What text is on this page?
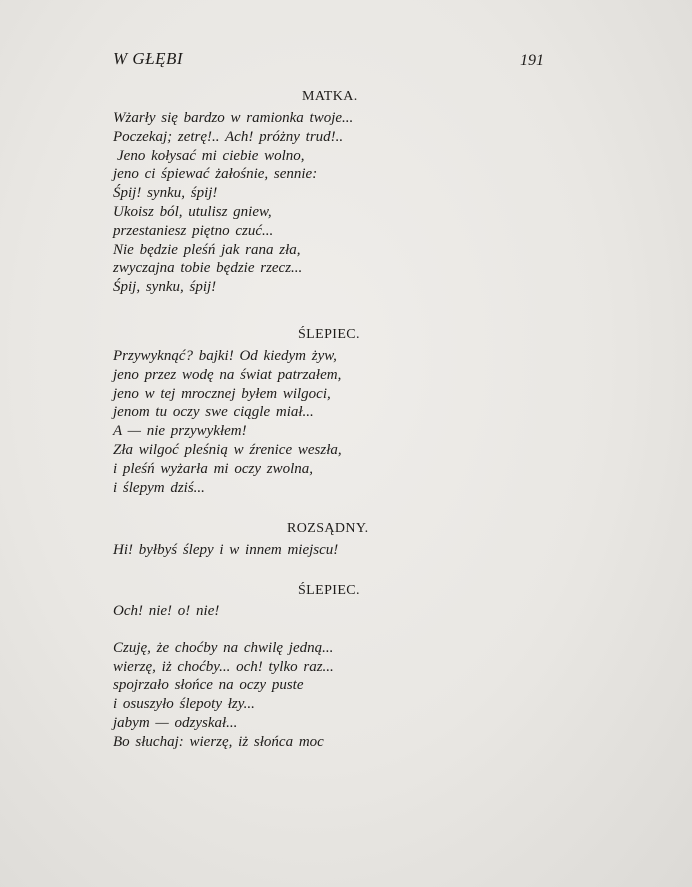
W GŁĘBI	191
MATKA.
Wżarły się bardzo w ramionka twoje...
Poczekaj; zetrę!.. Ach! próżny trud!..
Jeno kołysać mi ciebie wolno,
jeno ci śpiewać żałośnie, sennie:
Śpij! synku, śpij!
Ukoisz ból, utulisz gniew,
przestaniesz piętno czuć...
Nie będzie pleśń jak rana zła,
zwyczajna tobie będzie rzecz...
Śpij, synku, śpij!
ŚLEPIEC.
Przywyknąć? bajki! Od kiedym żyw,
jeno przez wodę na świat patrzałem,
jeno w tej mrocznej byłem wilgoci,
jenom tu oczy swe ciągle miał...
A — nie przywykłem!
Zła wilgoć pleśnią w źrenice weszła,
i pleśń wyżarła mi oczy zwolna,
i ślepym dziś...
ROZSĄDNY.
Hi! byłbyś ślepy i w innem miejscu!
ŚLEPIEC.
Och! nie! o! nie!
Czuję, że choćby na chwilę jedną...
wierzę, iż choćby... och! tylko raz...
spojrzało słońce na oczy puste
i osuszyło ślepoty łzy...
jabym — odzyskał...
Bo słuchaj: wierzę, iż słońca moc
